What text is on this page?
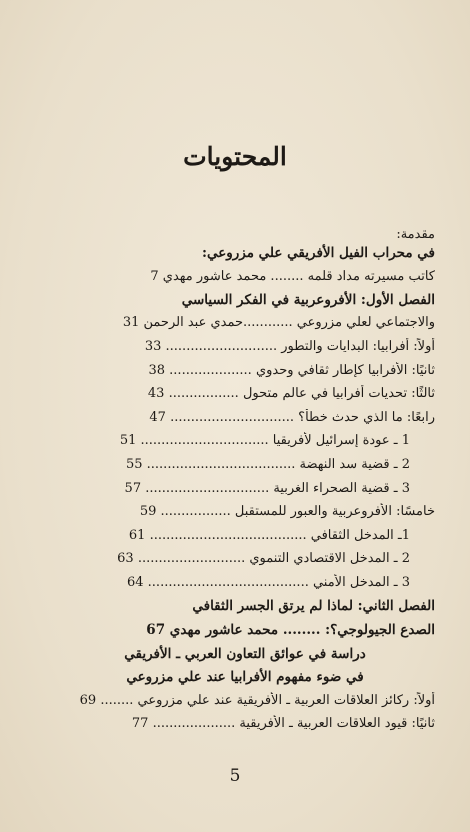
المحتويات
مقدمة:
في محراب الفيل الأفريقي علي مزروعي:
كاتب مسيرته مداد قلمه ........ محمد عاشور مهدي 7
الفصل الأول: الأفروعربية في الفكر السياسي
والاجتماعي لعلي مزروعي ............حمدي عبد الرحمن 31
أولاً: أفرابيا: البدايات والتطور ........................... 33
ثانيًا: الأفرابيا كإطار ثقافي وحدوي .................... 38
ثالثًا: تحديات أفرابيا في عالم متحول ................. 43
رابعًا: ما الذي حدث خطأ؟ .............................. 47
1 ـ عودة إسرائيل لأفريقيا ............................... 51
2 ـ قضية سد النهضة .................................... 55
3 ـ قضية الصحراء الغربية .............................. 57
خامسًا: الأفروعربية والعبور للمستقبل ................. 59
1ـ المدخل الثقافي ...................................... 61
2 ـ المدخل الاقتصادي التنموي .......................... 63
3 ـ المدخل الأمني ....................................... 64
الفصل الثاني: لماذا لم يرتق الجسر الثقافي
الصدع الجيولوجي؟: ........ محمد عاشور مهدي 67
دراسة في عوائق التعاون العربي ـ الأفريقي
في ضوء مفهوم الأفرابيا عند علي مزروعي
أولاً: ركائز العلاقات العربية ـ الأفريقية عند علي مزروعي ........ 69
ثانيًا: قيود العلاقات العربية ـ الأفريقية .................... 77
5
